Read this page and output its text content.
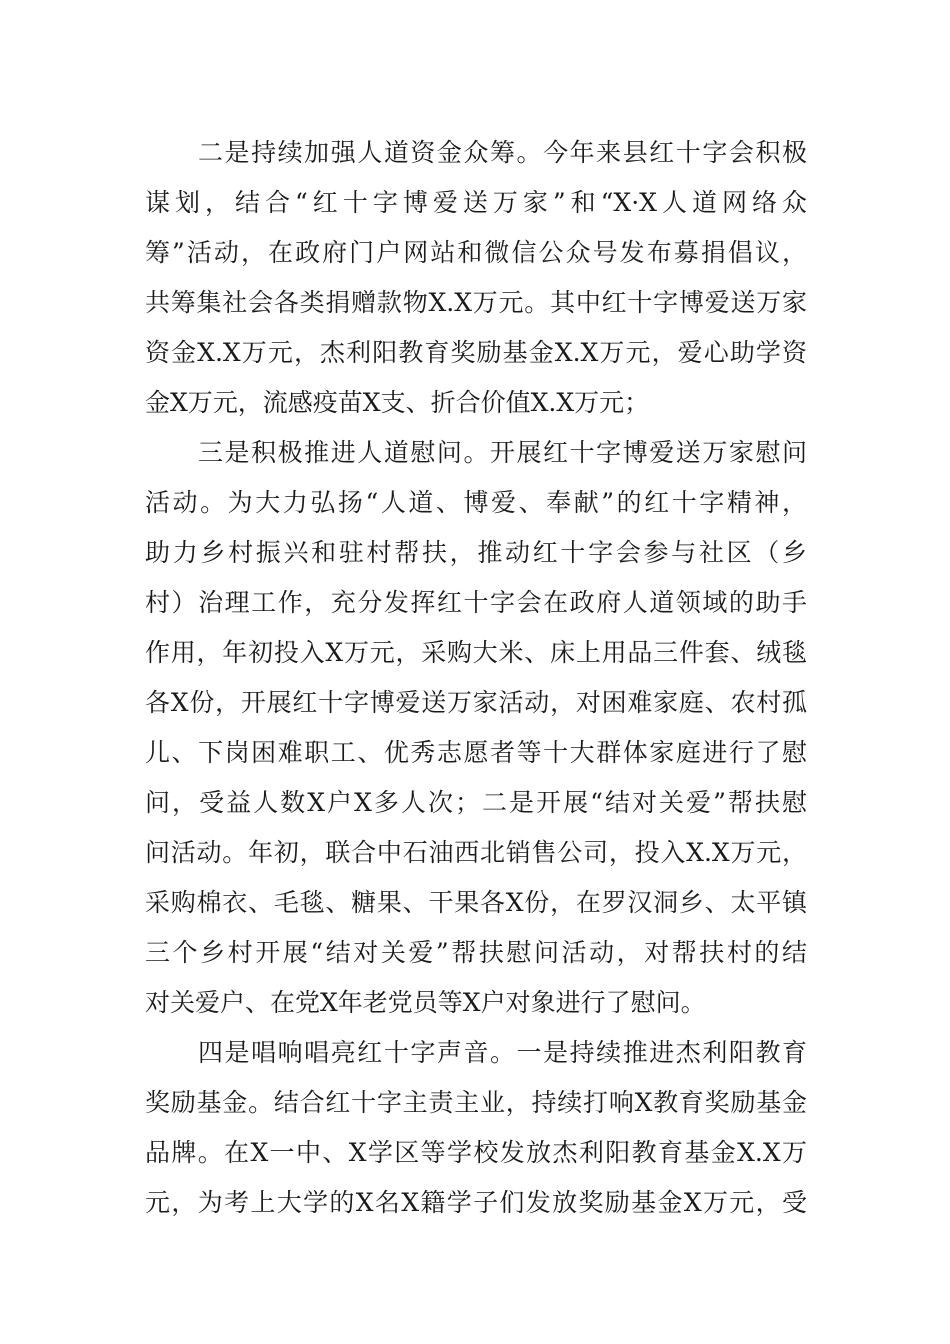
二是持续加强人道资金众筹。今年来县红十字会积极
谋划，结合“红十字博爱送万家”和“X·X人道网络众
筹”活动，在政府门户网站和微信公众号发布募捐倡议，
共筹集社会各类捐赠款物X.X万元。其中红十字博爱送万家
资金X.X万元，杰利阳教育奖励基金X.X万元，爱心助学资
金X万元，流感疫苗X支、折合价值X.X万元；
三是积极推进人道慰问。开展红十字博爱送万家慰问
活动。为大力弘扬“人道、博爱、奉献”的红十字精神，
助力乡村振兴和驻村帮扶，推动红十字会参与社区（乡
村）治理工作，充分发挥红十字会在政府人道领域的助手
作用，年初投入X万元，采购大米、床上用品三件套、绒毯
各X份，开展红十字博爱送万家活动，对困难家庭、农村孤
儿、下岗困难职工、优秀志愿者等十大群体家庭进行了慰
问，受益人数X户X多人次；二是开展“结对关爱”帮扶慰
问活动。年初，联合中石油西北销售公司，投入X.X万元，
采购棉衣、毛毯、糖果、干果各X份，在罗汉洞乡、太平镇
三个乡村开展“结对关爱”帮扶慰问活动，对帮扶村的结
对关爱户、在党X年老党员等X户对象进行了慰问。
四是唱响唱亮红十字声音。一是持续推进杰利阳教育
奖励基金。结合红十字主责主业，持续打响X教育奖励基金
品牌。在X一中、X学区等学校发放杰利阳教育基金X.X万
元，为考上大学的X名X籍学子们发放奖励基金X万元，受
